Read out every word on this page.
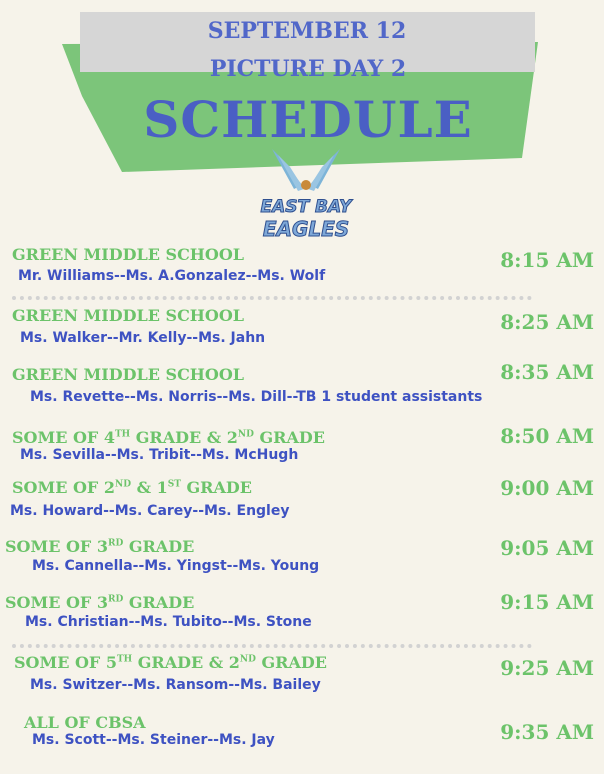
SEPTEMBER 12
PICTURE DAY 2
SCHEDULE
EAST BAY
EAGLES
GREEN MIDDLE SCHOOL
Mr. Williams--Ms. A.Gonzalez--Ms. Wolf
8:15 AM
GREEN MIDDLE SCHOOL
Ms. Walker--Mr. Kelly--Ms. Jahn
8:25 AM
GREEN MIDDLE SCHOOL
Ms. Revette--Ms. Norris--Ms. Dill--TB 1 student assistants
8:35 AM
SOME OF 4TH GRADE & 2ND GRADE
Ms. Sevilla--Ms. Tribit--Ms. McHugh
8:50 AM
SOME OF 2ND & 1ST GRADE
Ms. Howard--Ms. Carey--Ms. Engley
9:00 AM
SOME OF 3RD GRADE
Ms. Cannella--Ms. Yingst--Ms. Young
9:05 AM
SOME OF 3RD GRADE
Ms. Christian--Ms. Tubito--Ms. Stone
9:15 AM
SOME OF 5TH GRADE & 2ND GRADE
Ms. Switzer--Ms. Ransom--Ms. Bailey
9:25 AM
ALL OF CBSA
Ms. Scott--Ms. Steiner--Ms. Jay	9:35 AM
